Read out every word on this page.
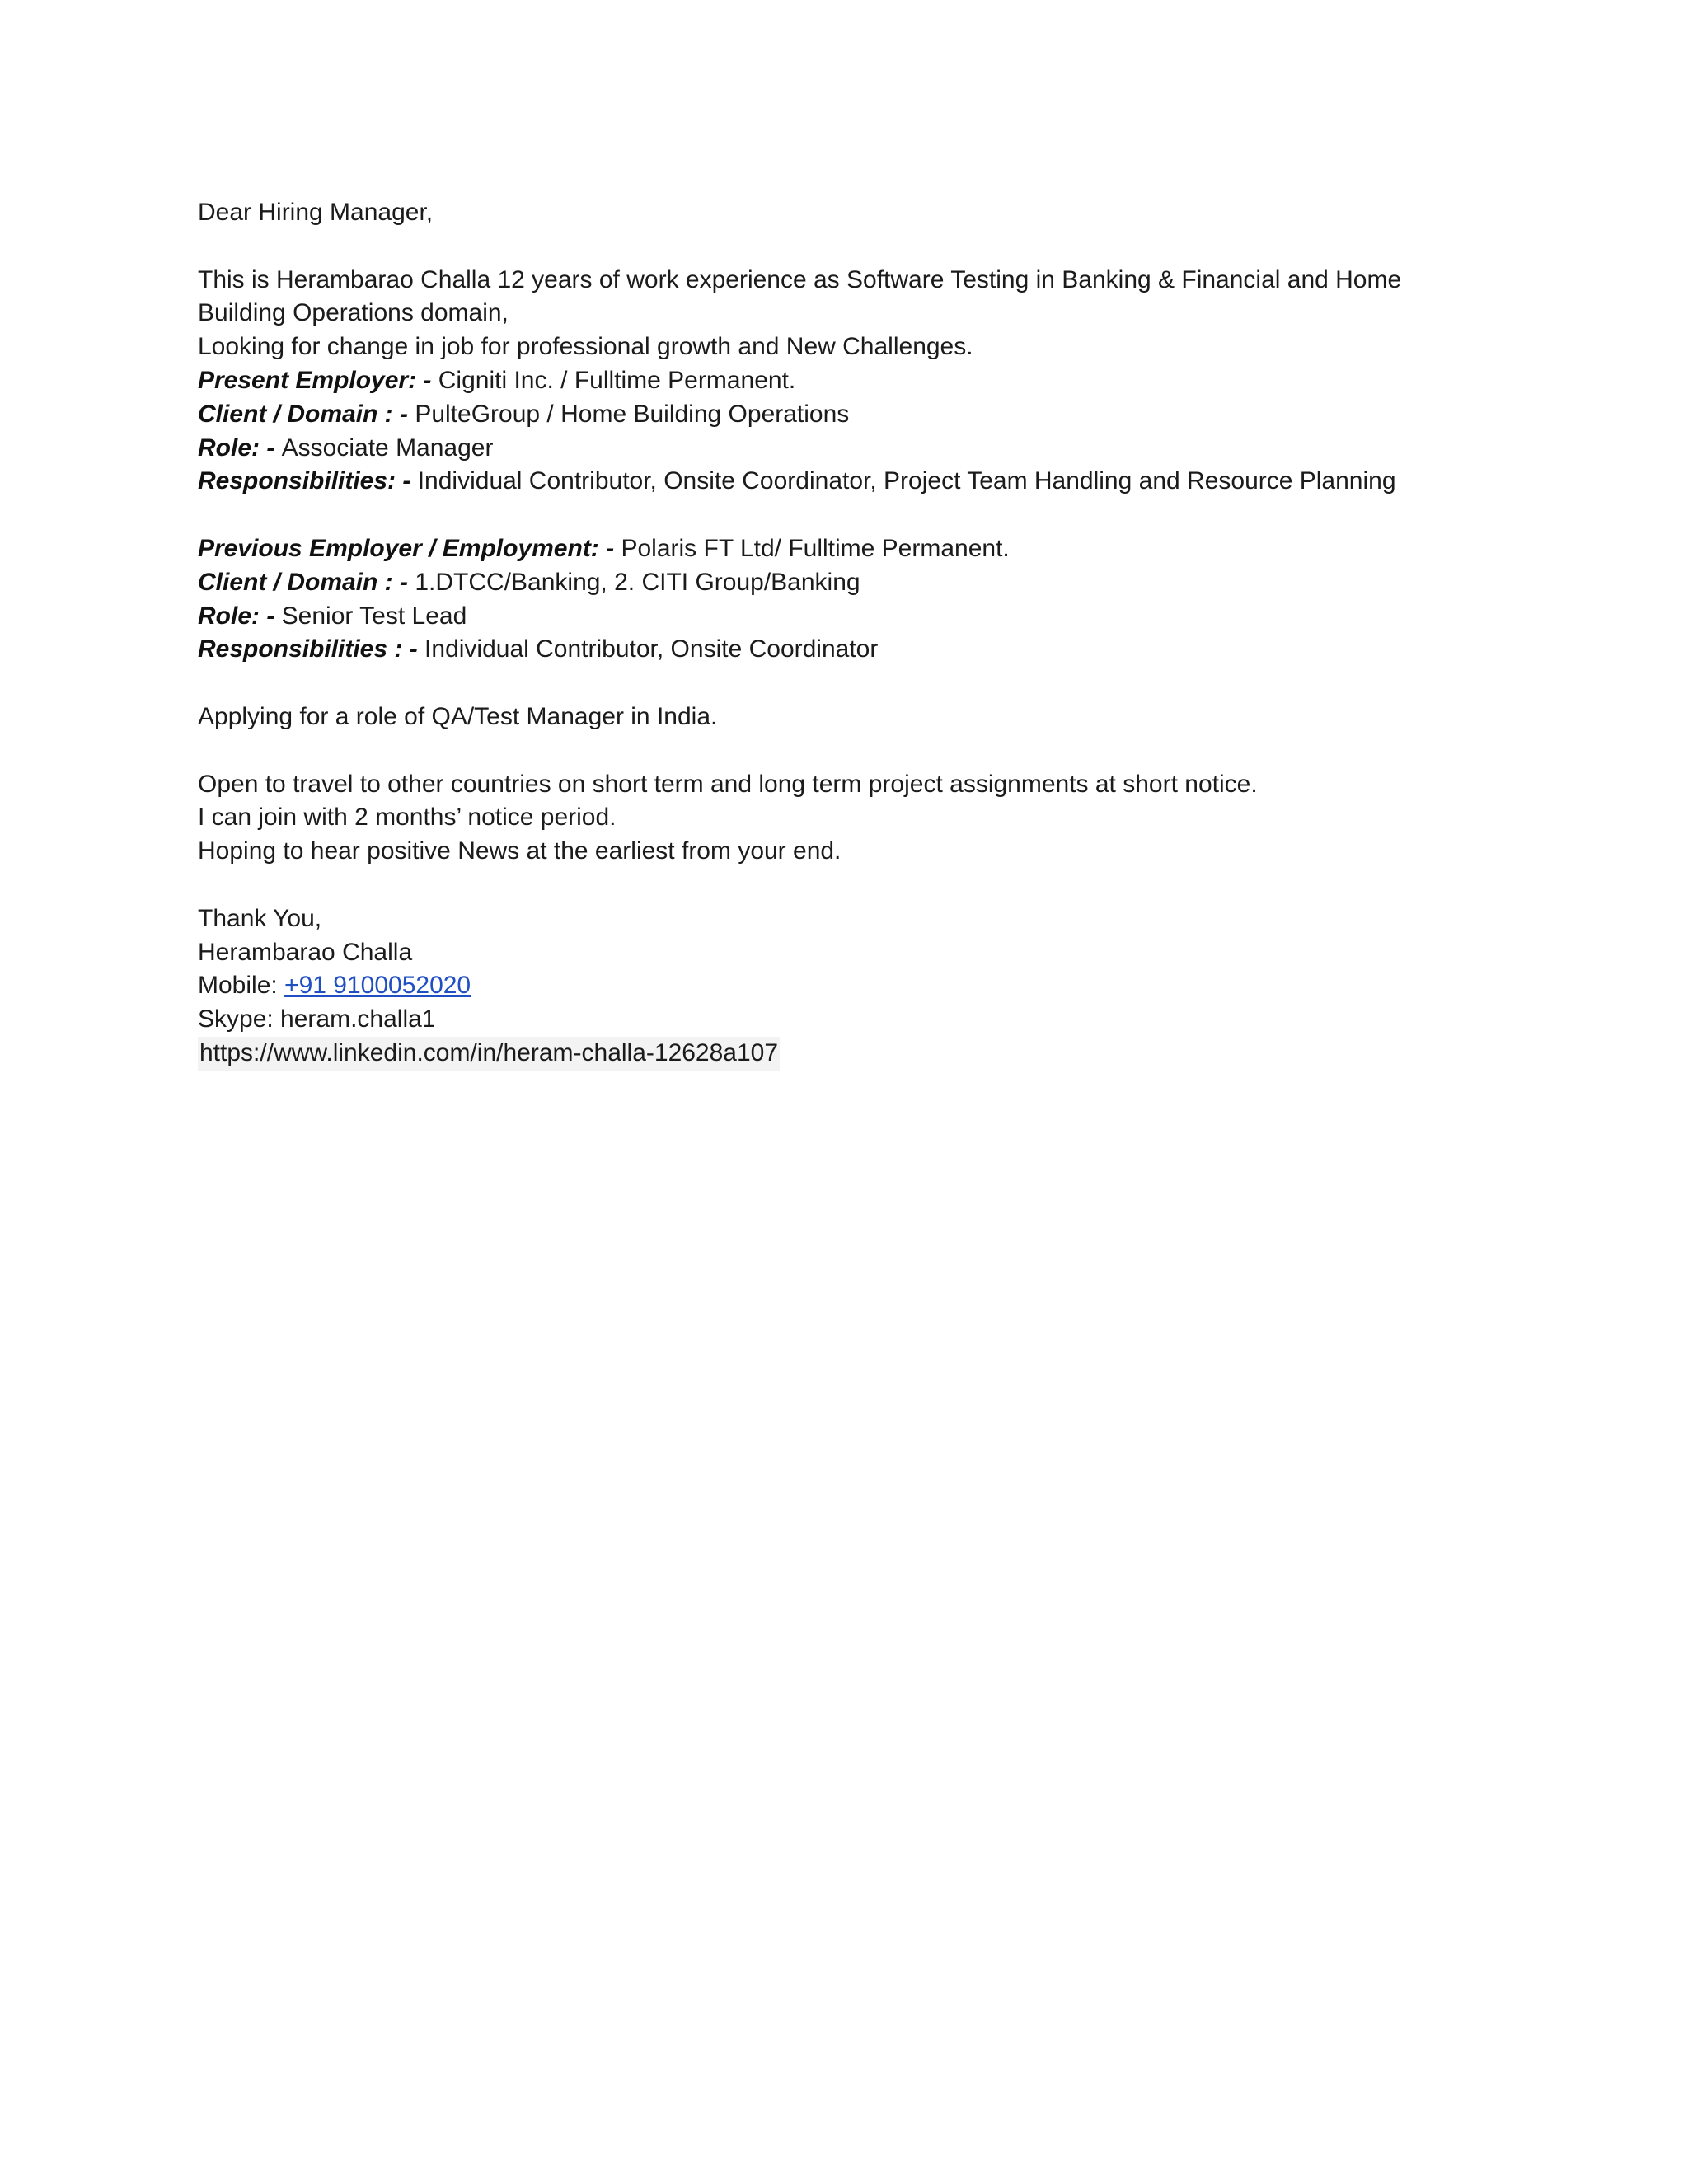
Dear Hiring Manager,

This is Herambarao Challa 12 years of work experience as Software Testing in Banking & Financial and Home Building Operations domain,

Looking for change in job for professional growth and New Challenges.

Present Employer: - Cigniti Inc. / Fulltime Permanent.

Client / Domain : - PulteGroup / Home Building Operations

Role: - Associate Manager

Responsibilities: - Individual Contributor, Onsite Coordinator, Project Team Handling and Resource Planning

Previous Employer / Employment: - Polaris FT Ltd/ Fulltime Permanent.

Client / Domain : - 1.DTCC/Banking, 2. CITI Group/Banking

Role: - Senior Test Lead

Responsibilities : - Individual Contributor, Onsite Coordinator

Applying for a role of QA/Test Manager in India.

Open to travel to other countries on short term and long term project assignments at short notice.

I can join with 2 months’ notice period.

Hoping to hear positive News at the earliest from your end.

Thank You,

Herambarao Challa

Mobile: +91 9100052020

Skype: heram.challa1

https://www.linkedin.com/in/heram-challa-12628a107
